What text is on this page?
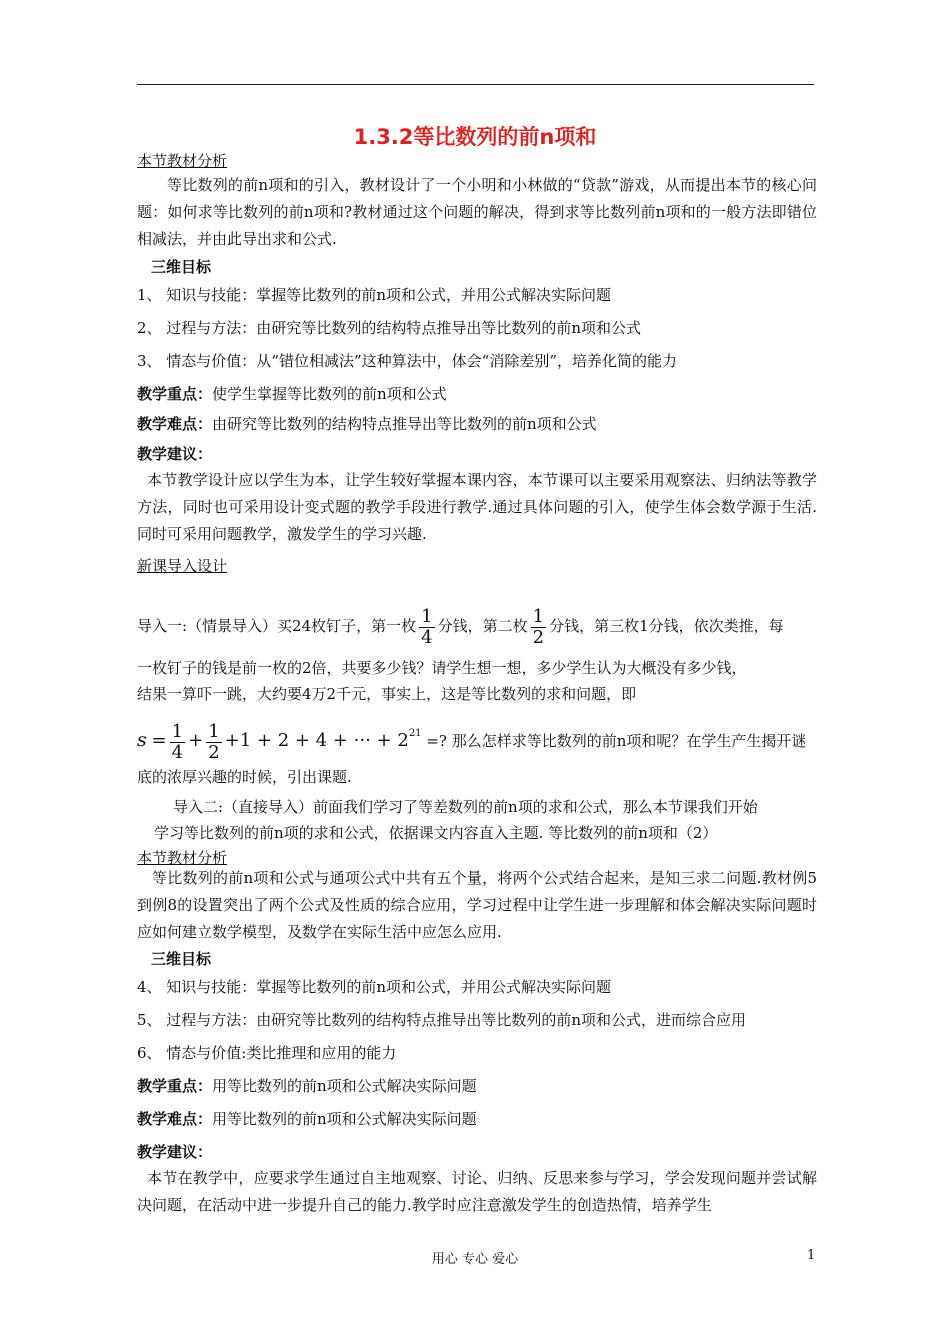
1.3.2等比数列的前n项和
本节教材分析
等比数列的前n项和的引入，教材设计了一个小明和小林做的“贷款”游戏，从而提出本节的核心问题：如何求等比数列的前n项和?教材通过这个问题的解决，得到求等比数列前n项和的一般方法即错位相减法，并由此导出求和公式.
三维目标
1、 知识与技能：掌握等比数列的前n项和公式，并用公式解决实际问题
2、 过程与方法：由研究等比数列的结构特点推导出等比数列的前n项和公式
3、 情态与价值：从“错位相减法”这种算法中，体会“消除差别”，培养化简的能力
教学重点：使学生掌握等比数列的前n项和公式
教学难点：由研究等比数列的结构特点推导出等比数列的前n项和公式
教学建议：
本节教学设计应以学生为本，让学生较好掌握本课内容，本节课可以主要采用观察法、归纳法等教学方法，同时也可采用设计变式题的教学手段进行教学.通过具体问题的引入，使学生体会数学源于生活.同时可采用问题教学，激发学生的学习兴趣.
新课导入设计
导入一:（情景导入）买24枚钉子，第一枚 $\frac{1}{4}$ 分钱，第二枚 $\frac{1}{2}$ 分钱，第三枚1分钱，依次类推，每
一枚钉子的钱是前一枚的2倍，共要多少钱？请学生想一想，多少学生认为大概没有多少钱，
结果一算吓一跳，大约要4万2千元，事实上，这是等比数列的求和问题，即
$s = \frac{1}{4} + \frac{1}{2} +1 + 2 + 4$ + ··· + $2^{21}$ =? 那么怎样求等比数列的前n项和呢？在学生产生揭开谜
底的浓厚兴趣的时候，引出课题.
导入二:（直接导入）前面我们学习了等差数列的前n项的求和公式，那么本节课我们开始
学习等比数列的前n项的求和公式，依据课文内容直入主题. 等比数列的前n项和（2）
本节教材分析
等比数列的前n项和公式与通项公式中共有五个量，将两个公式结合起来，是知三求二问题.教材例5到例8的设置突出了两个公式及性质的综合应用，学习过程中让学生进一步理解和体会解决实际问题时应如何建立数学模型，及数学在实际生活中应怎么应用.
三维目标
4、 知识与技能：掌握等比数列的前n项和公式，并用公式解决实际问题
5、 过程与方法：由研究等比数列的结构特点推导出等比数列的前n项和公式，进而综合应用
6、 情态与价值:类比推理和应用的能力
教学重点：用等比数列的前n项和公式解决实际问题
教学难点：用等比数列的前n项和公式解决实际问题
教学建议：
本节在教学中，应要求学生通过自主地观察、讨论、归纳、反思来参与学习，学会发现问题并尝试解决问题，在活动中进一步提升自己的能力.教学时应注意激发学生的创造热情，培养学生
用心 专心 爱心	1
